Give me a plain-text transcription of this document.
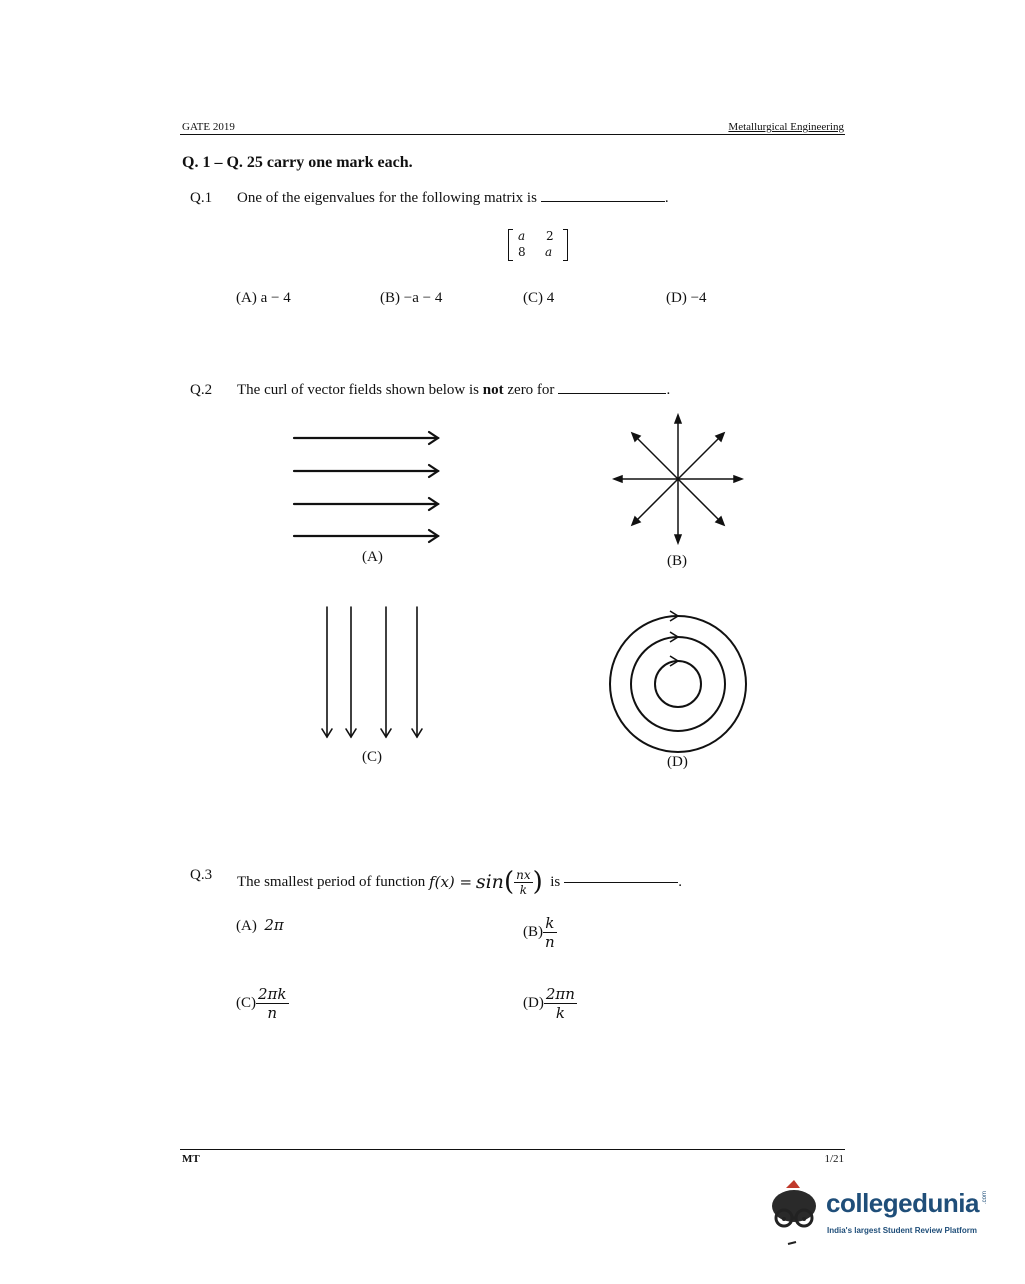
GATE 2019	Metallurgical Engineering
Q. 1 – Q. 25 carry one mark each.
Q.1 One of the eigenvalues for the following matrix is	.
a 2
8 a
(A) a − 4	(B) −a − 4	(C) 4	(D) −4
Q.2 The curl of vector fields shown below is not zero for	.
(A)	(B)
(C)	(D)
Q.3 The smallest period of function
f(x) =
sin ( $\frac{nx}{k}$ )
is	.
(A) 2π	$(B) \frac{k}{n}$
$(C) \frac{2\pi k}{n}$	$(D) \frac{2\pi n}{k}$
MT	1/21
collegedunia .com
India's largest Student Review Platform
